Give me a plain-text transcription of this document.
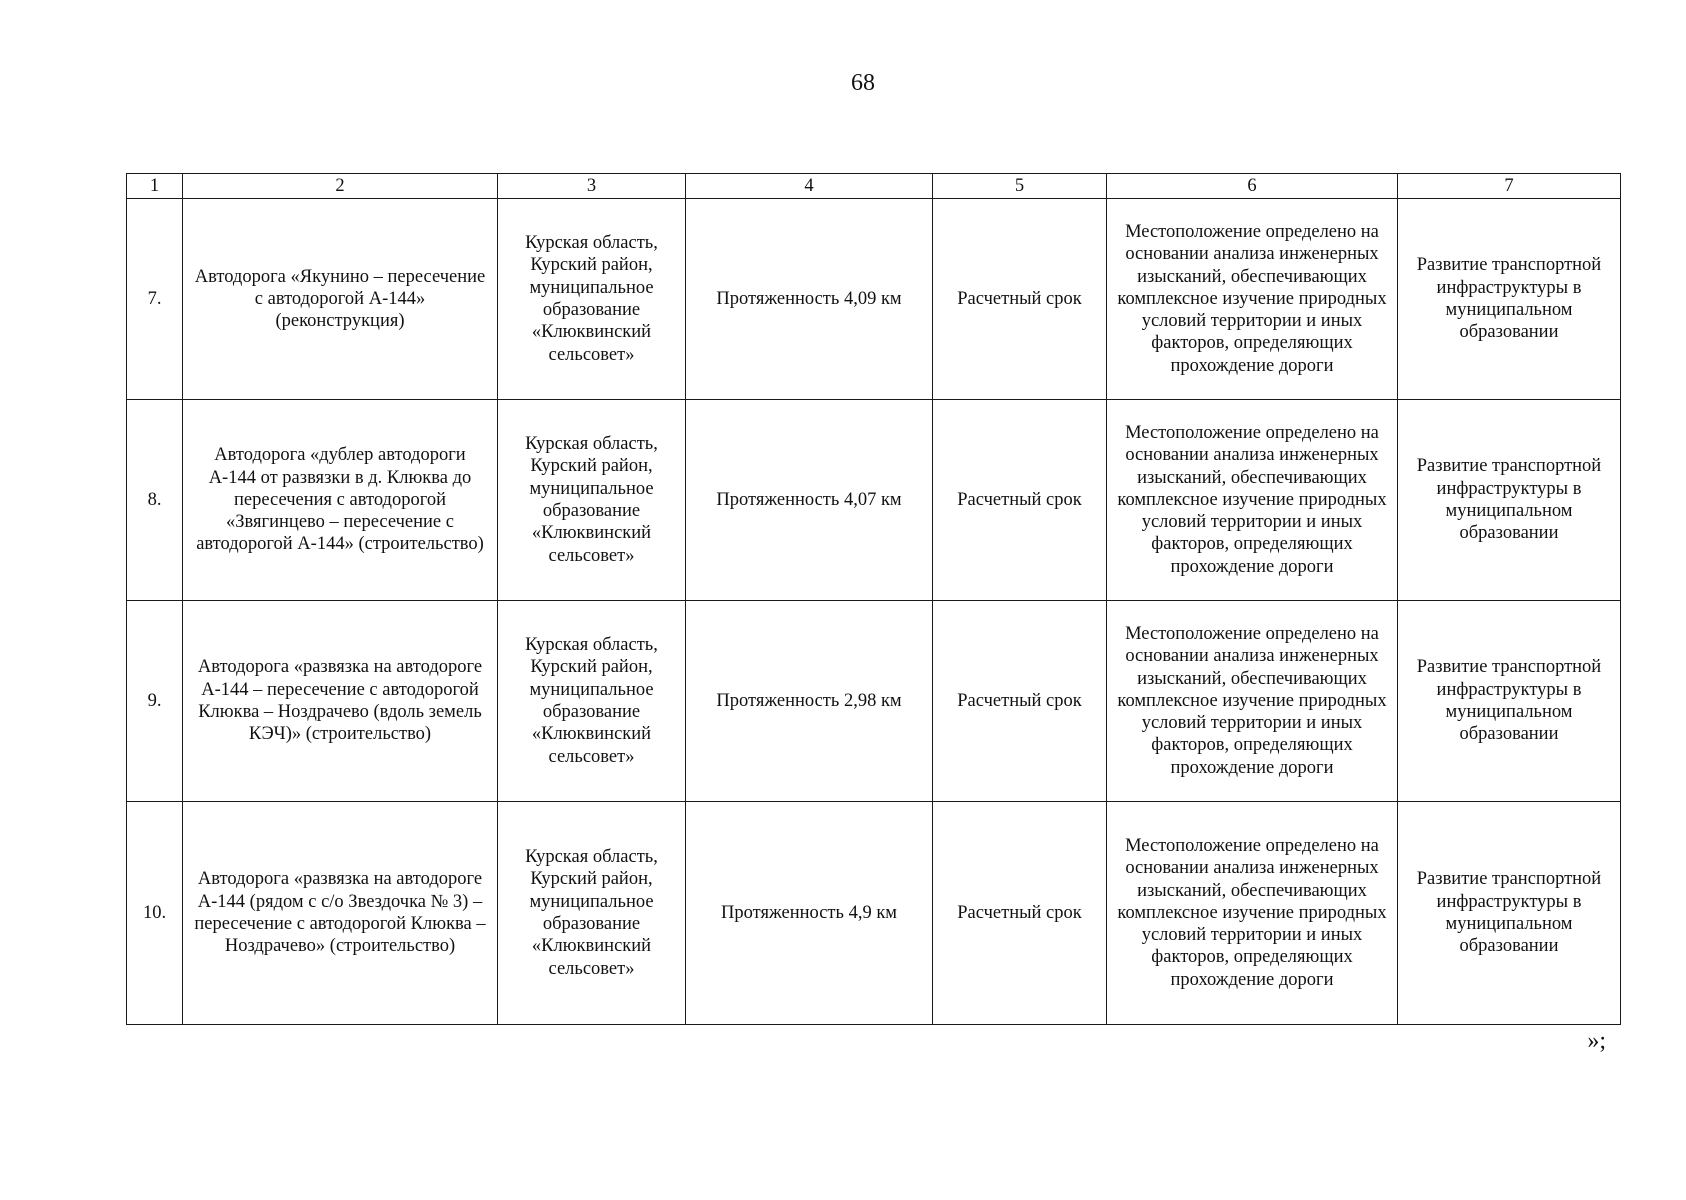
68
1	2	3	4	5	6	7
7.	Автодорога «Якунино – пересечение с автодорогой А-144» (реконструкция)	Курская область, Курский район, муниципальное образование «Клюквинский сельсовет»	Протяженность 4,09 км	Расчетный срок	Местоположение определено на основании анализа инженерных изысканий, обеспечивающих комплексное изучение природных условий территории и иных факторов, определяющих прохождение дороги	Развитие транспортной инфраструктуры в муниципальном образовании
8.	Автодорога «дублер автодороги А-144 от развязки в д. Клюква до пересечения с автодорогой «Звягинцево – пересечение с автодорогой А-144» (строительство)	Курская область, Курский район, муниципальное образование «Клюквинский сельсовет»	Протяженность 4,07 км	Расчетный срок	Местоположение определено на основании анализа инженерных изысканий, обеспечивающих комплексное изучение природных условий территории и иных факторов, определяющих прохождение дороги	Развитие транспортной инфраструктуры в муниципальном образовании
9.	Автодорога «развязка на автодороге А-144 – пересечение с автодорогой Клюква – Ноздрачево (вдоль земель КЭЧ)» (строительство)	Курская область, Курский район, муниципальное образование «Клюквинский сельсовет»	Протяженность 2,98 км	Расчетный срок	Местоположение определено на основании анализа инженерных изысканий, обеспечивающих комплексное изучение природных условий территории и иных факторов, определяющих прохождение дороги	Развитие транспортной инфраструктуры в муниципальном образовании
10.	Автодорога «развязка на автодороге А-144 (рядом с с/о Звездочка № 3) – пересечение с автодорогой Клюква – Ноздрачево» (строительство)	Курская область, Курский район, муниципальное образование «Клюквинский сельсовет»	Протяженность 4,9 км	Расчетный срок	Местоположение определено на основании анализа инженерных изысканий, обеспечивающих комплексное изучение природных условий территории и иных факторов, определяющих прохождение дороги	Развитие транспортной инфраструктуры в муниципальном образовании
»;
